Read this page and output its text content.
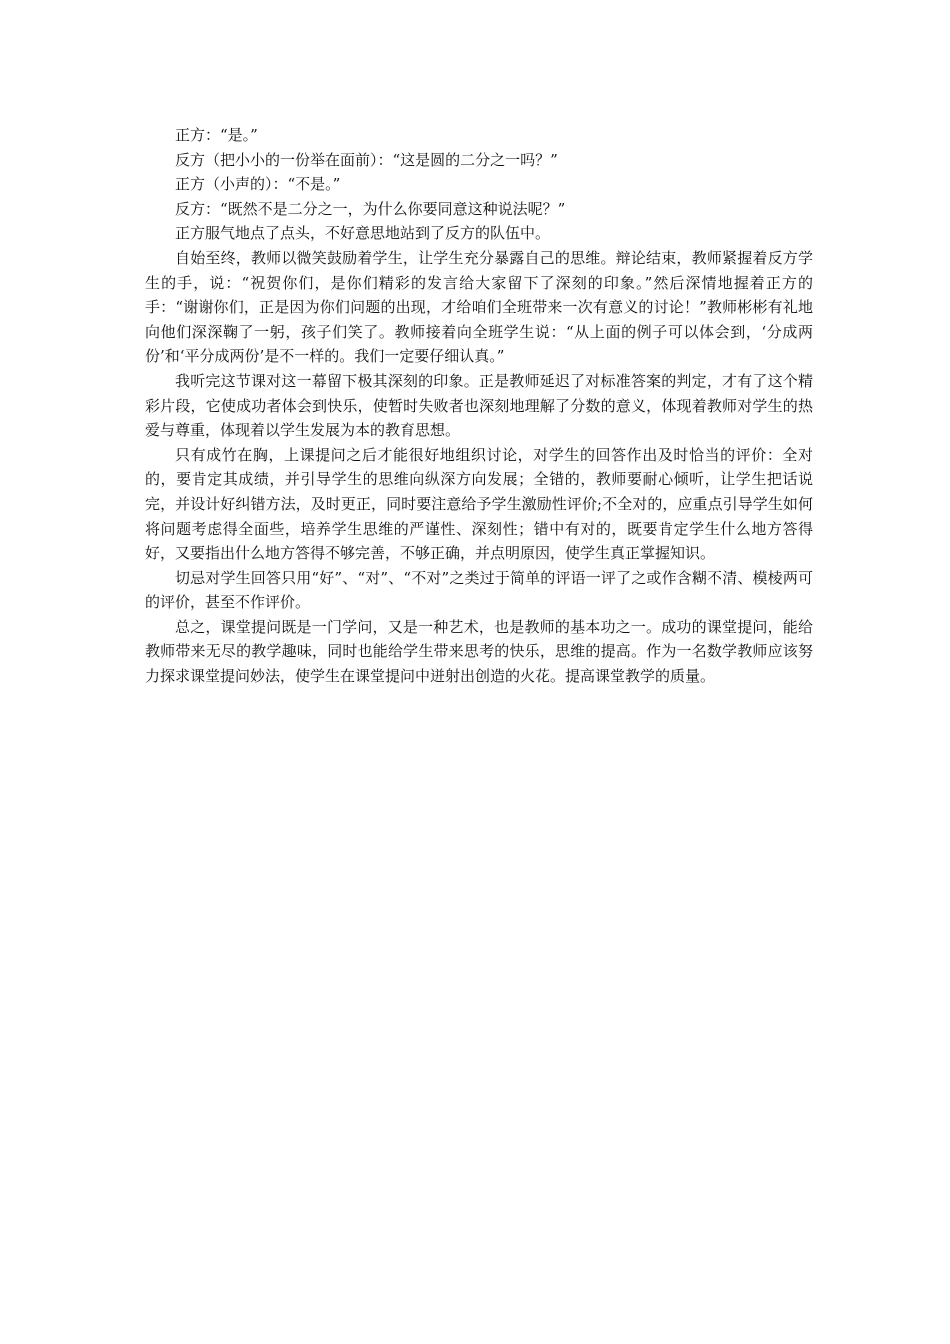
正方：“是。”

反方（把小小的一份举在面前）：“这是圆的二分之一吗？”

正方（小声的）：“不是。”

反方：“既然不是二分之一，为什么你要同意这种说法呢？”

正方服气地点了点头，不好意思地站到了反方的队伍中。

自始至终，教师以微笑鼓励着学生，让学生充分暴露自己的思维。辩论结束，教师紧握着反方学生的手，说：“祝贺你们，是你们精彩的发言给大家留下了深刻的印象。”然后深情地握着正方的手：“谢谢你们，正是因为你们问题的出现，才给咱们全班带来一次有意义的讨论！”教师彬彬有礼地向他们深深鞠了一躬，孩子们笑了。教师接着向全班学生说：“从上面的例子可以体会到，‘分成两份’和‘平分成两份’是不一样的。我们一定要仔细认真。”

我听完这节课对这一幕留下极其深刻的印象。正是教师延迟了对标准答案的判定，才有了这个精彩片段，它使成功者体会到快乐，使暂时失败者也深刻地理解了分数的意义，体现着教师对学生的热爱与尊重，体现着以学生发展为本的教育思想。

只有成竹在胸，上课提问之后才能很好地组织讨论，对学生的回答作出及时恰当的评价：全对的，要肯定其成绩，并引导学生的思维向纵深方向发展；全错的，教师要耐心倾听，让学生把话说完，并设计好纠错方法，及时更正，同时要注意给予学生激励性评价;不全对的，应重点引导学生如何将问题考虑得全面些，培养学生思维的严谨性、深刻性；错中有对的，既要肯定学生什么地方答得好，又要指出什么地方答得不够完善，不够正确，并点明原因，使学生真正掌握知识。

切忌对学生回答只用“好”、“对”、“不对”之类过于简单的评语一评了之或作含糊不清、模棱两可的评价，甚至不作评价。

总之，课堂提问既是一门学问，又是一种艺术，也是教师的基本功之一。成功的课堂提问，能给教师带来无尽的教学趣味，同时也能给学生带来思考的快乐，思维的提高。作为一名数学教师应该努力探求课堂提问妙法，使学生在课堂提问中迸射出创造的火花。提高课堂教学的质量。
